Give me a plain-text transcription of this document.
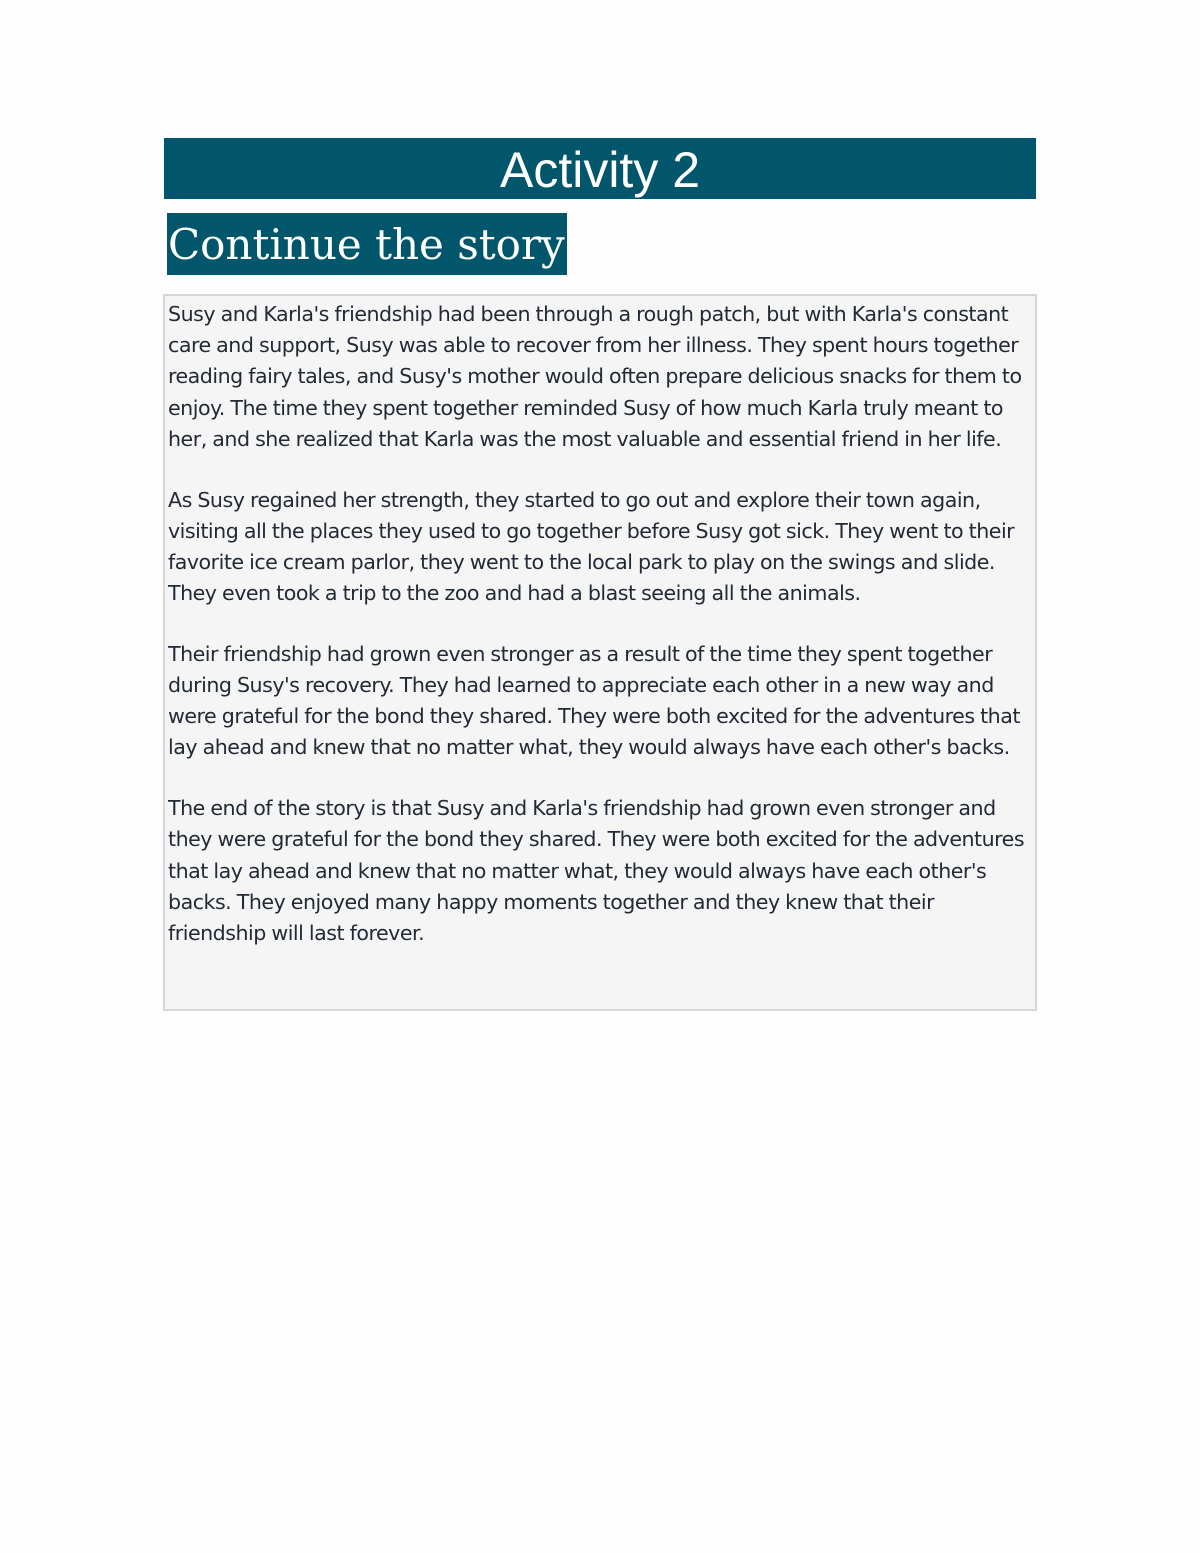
Activity 2
Continue the story

Susy and Karla's friendship had been through a rough patch, but with Karla's constant care and support, Susy was able to recover from her illness. They spent hours together reading fairy tales, and Susy's mother would often prepare delicious snacks for them to enjoy. The time they spent together reminded Susy of how much Karla truly meant to her, and she realized that Karla was the most valuable and essential friend in her life.

As Susy regained her strength, they started to go out and explore their town again, visiting all the places they used to go together before Susy got sick. They went to their favorite ice cream parlor, they went to the local park to play on the swings and slide. They even took a trip to the zoo and had a blast seeing all the animals.

Their friendship had grown even stronger as a result of the time they spent together during Susy's recovery. They had learned to appreciate each other in a new way and were grateful for the bond they shared. They were both excited for the adventures that lay ahead and knew that no matter what, they would always have each other's backs.

The end of the story is that Susy and Karla's friendship had grown even stronger and they were grateful for the bond they shared. They were both excited for the adventures that lay ahead and knew that no matter what, they would always have each other's backs. They enjoyed many happy moments together and they knew that their friendship will last forever.
